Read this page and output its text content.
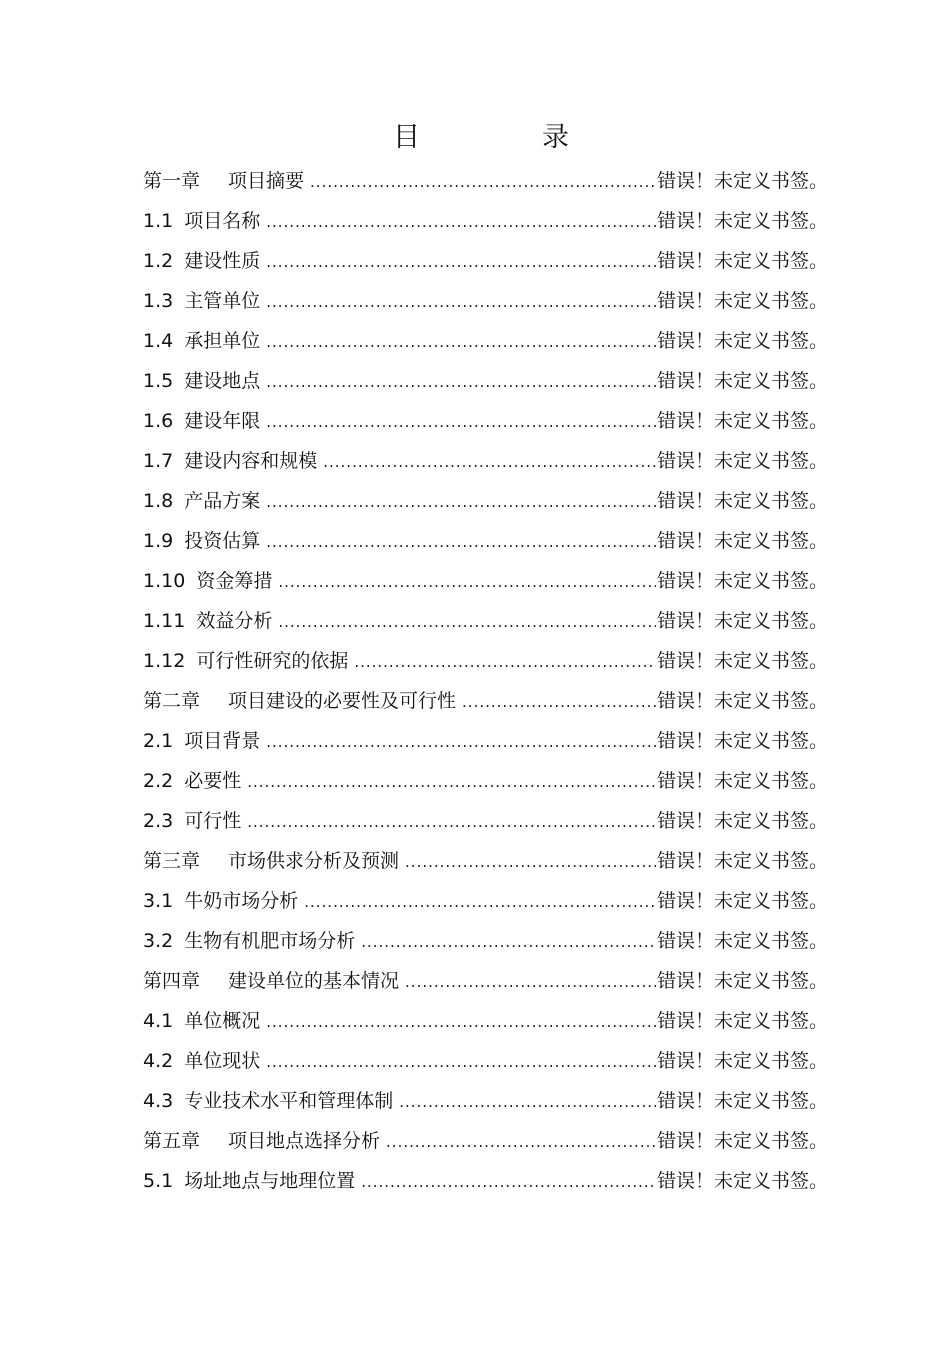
目	录
第一章 项目摘要 .....	错误！未定义书签。
1.1 项目名称 .....	错误！未定义书签。
1.2 建设性质 .....	错误！未定义书签。
1.3 主管单位 .....	错误！未定义书签。
1.4 承担单位 .....	错误！未定义书签。
1.5 建设地点 .....	错误！未定义书签。
1.6 建设年限 .....	错误！未定义书签。
1.7 建设内容和规模 .....	错误！未定义书签。
1.8 产品方案 .....	错误！未定义书签。
1.9 投资估算 .....	错误！未定义书签。
1.10 资金筹措 .....	错误！未定义书签。
1.11 效益分析 .....	错误！未定义书签。
1.12 可行性研究的依据 .....	错误！未定义书签。
第二章 项目建设的必要性及可行性 .....	错误！未定义书签。
2.1 项目背景 .....	错误！未定义书签。
2.2 必要性 .....	错误！未定义书签。
2.3 可行性 .....	错误！未定义书签。
第三章 市场供求分析及预测 .....	错误！未定义书签。
3.1 牛奶市场分析 .....	错误！未定义书签。
3.2 生物有机肥市场分析 .....	错误！未定义书签。
第四章 建设单位的基本情况 .....	错误！未定义书签。
4.1 单位概况 .....	错误！未定义书签。
4.2 单位现状 .....	错误！未定义书签。
4.3 专业技术水平和管理体制 .....	错误！未定义书签。
第五章 项目地点选择分析 .....	错误！未定义书签。
5.1 场址地点与地理位置 .....	错误！未定义书签。
